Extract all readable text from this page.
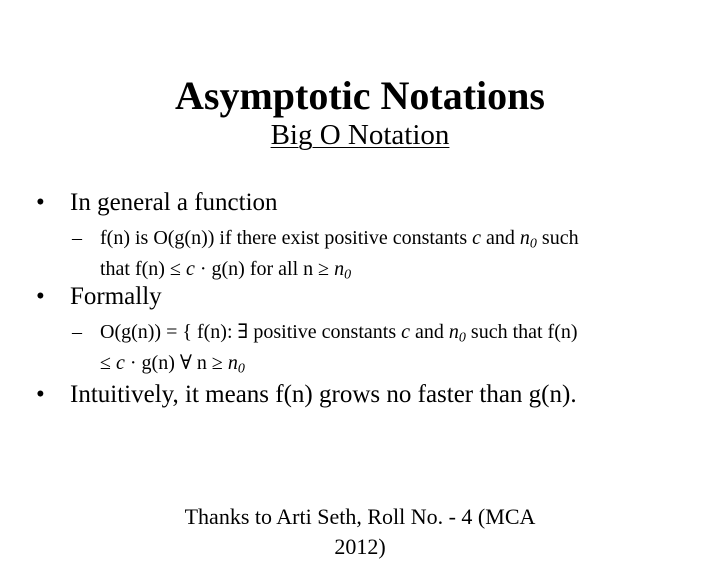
Asymptotic Notations
Big O Notation
• In general a function
– f(n) is O(g(n)) if there exist positive constants c and $n_0$ such
that f(n) ≤ c · g(n) for all $n \ge n_0$
• Formally
– O(g(n)) = { f(n): ∃ positive constants c and $n_0$ such that f(n)
≤ c · g(n) ∀ $n \ge n_0$
• Intuitively, it means f(n) grows no faster than g(n).
Thanks to Arti Seth, Roll No. - 4 (MCA
2012)
